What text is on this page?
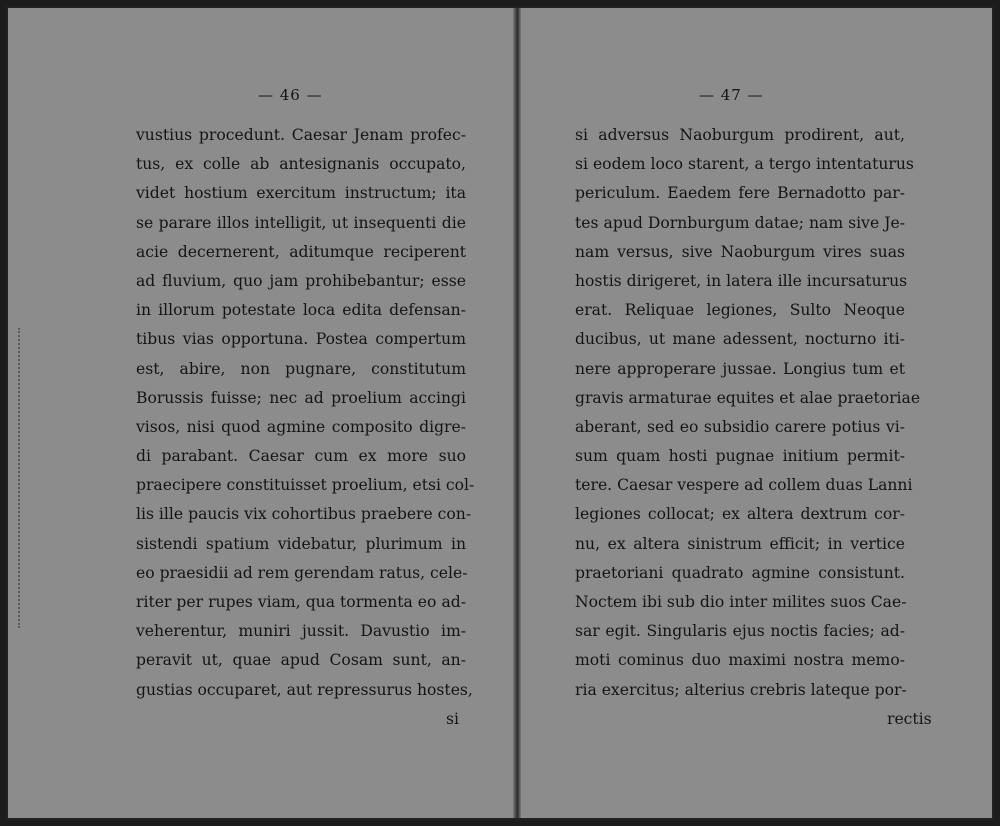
— 46 —
vustius procedunt. Caesar Jenam profec-
tus, ex colle ab antesignanis occupato,
videt hostium exercitum instructum; ita
se parare illos intelligit, ut insequenti die
acie decernerent, aditumque reciperent
ad fluvium, quo jam prohibebantur; esse
in illorum potestate loca edita defensan-
tibus vias opportuna. Postea compertum
est, abire, non pugnare, constitutum
Borussis fuisse; nec ad proelium accingi
visos, nisi quod agmine composito digre-
di parabant. Caesar cum ex more suo
praecipere constituisset proelium, etsi col-
lis ille paucis vix cohortibus praebere con-
sistendi spatium videbatur, plurimum in
eo praesidii ad rem gerendam ratus, cele-
riter per rupes viam, qua tormenta eo ad-
veherentur, muniri jussit. Davustio im-
peravit ut, quae apud Cosam sunt, an-
gustias occuparet, aut repressurus hostes,
si
— 47 —
si adversus Naoburgum prodirent, aut,
si eodem loco starent, a tergo intentaturus
periculum. Eaedem fere Bernadotto par-
tes apud Dornburgum datae; nam sive Je-
nam versus, sive Naoburgum vires suas
hostis dirigeret, in latera ille incursaturus
erat. Reliquae legiones, Sulto Neoque
ducibus, ut mane adessent, nocturno iti-
nere approperare jussae. Longius tum et
gravis armaturae equites et alae praetoriae
aberant, sed eo subsidio carere potius vi-
sum quam hosti pugnae initium permit-
tere. Caesar vespere ad collem duas Lanni
legiones collocat; ex altera dextrum cor-
nu, ex altera sinistrum efficit; in vertice
praetoriani quadrato agmine consistunt.
Noctem ibi sub dio inter milites suos Cae-
sar egit. Singularis ejus noctis facies; ad-
moti cominus duo maximi nostra memo-
ria exercitus; alterius crebris lateque por-
rectis
